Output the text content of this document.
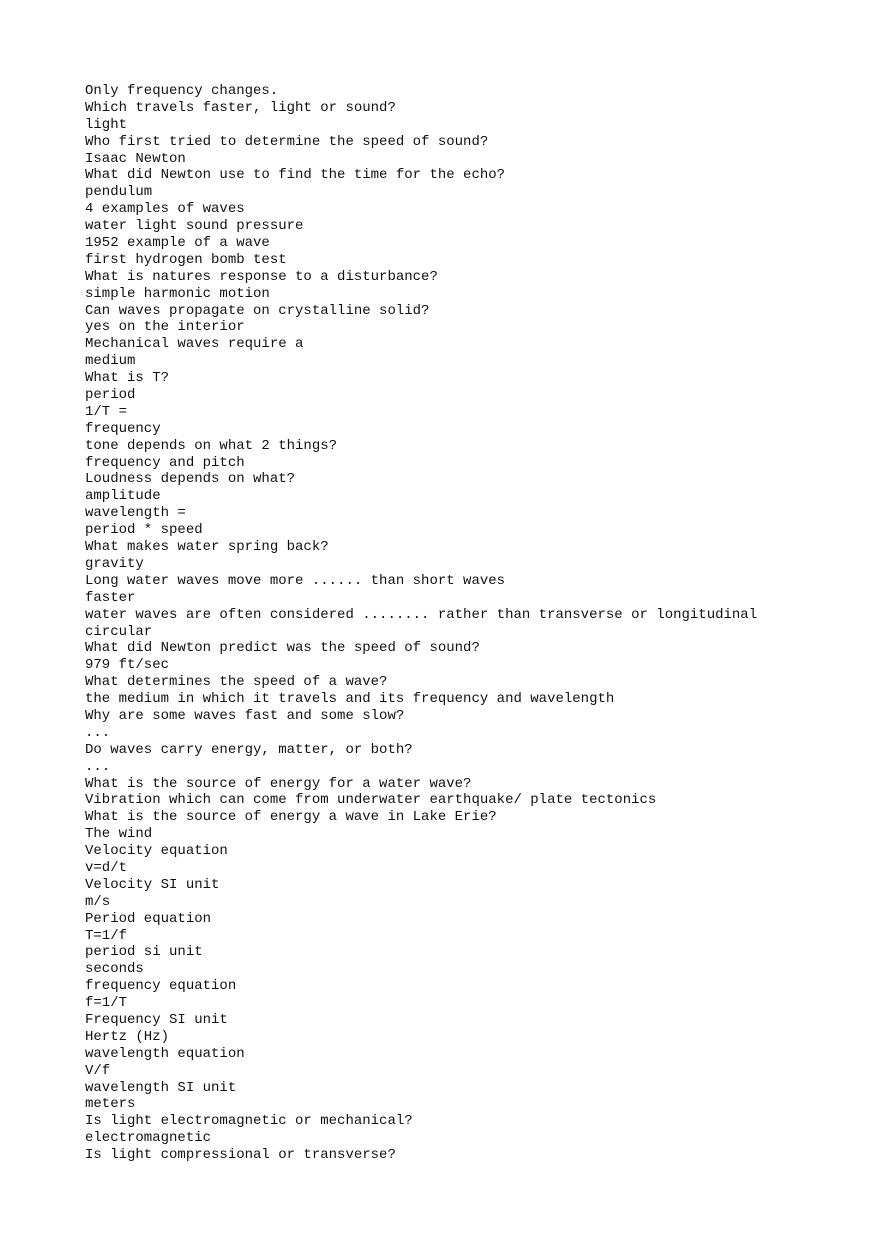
Only frequency changes.
Which travels faster, light or sound?
light
Who first tried to determine the speed of sound?
Isaac Newton
What did Newton use to find the time for the echo?
pendulum
4 examples of waves
water light sound pressure
1952 example of a wave
first hydrogen bomb test
What is natures response to a disturbance?
simple harmonic motion
Can waves propagate on crystalline solid?
yes on the interior
Mechanical waves require a
medium
What is T?
period
1/T =
frequency
tone depends on what 2 things?
frequency and pitch
Loudness depends on what?
amplitude
wavelength =
period * speed
What makes water spring back?
gravity
Long water waves move more ...... than short waves
faster
water waves are often considered ........ rather than transverse or longitudinal
circular
What did Newton predict was the speed of sound?
979 ft/sec
What determines the speed of a wave?
the medium in which it travels and its frequency and wavelength
Why are some waves fast and some slow?
...
Do waves carry energy, matter, or both?
...
What is the source of energy for a water wave?
Vibration which can come from underwater earthquake/ plate tectonics
What is the source of energy a wave in Lake Erie?
The wind
Velocity equation
v=d/t
Velocity SI unit
m/s
Period equation
T=1/f
period si unit
seconds
frequency equation
f=1/T
Frequency SI unit
Hertz (Hz)
wavelength equation
V/f
wavelength SI unit
meters
Is light electromagnetic or mechanical?
electromagnetic
Is light compressional or transverse?
